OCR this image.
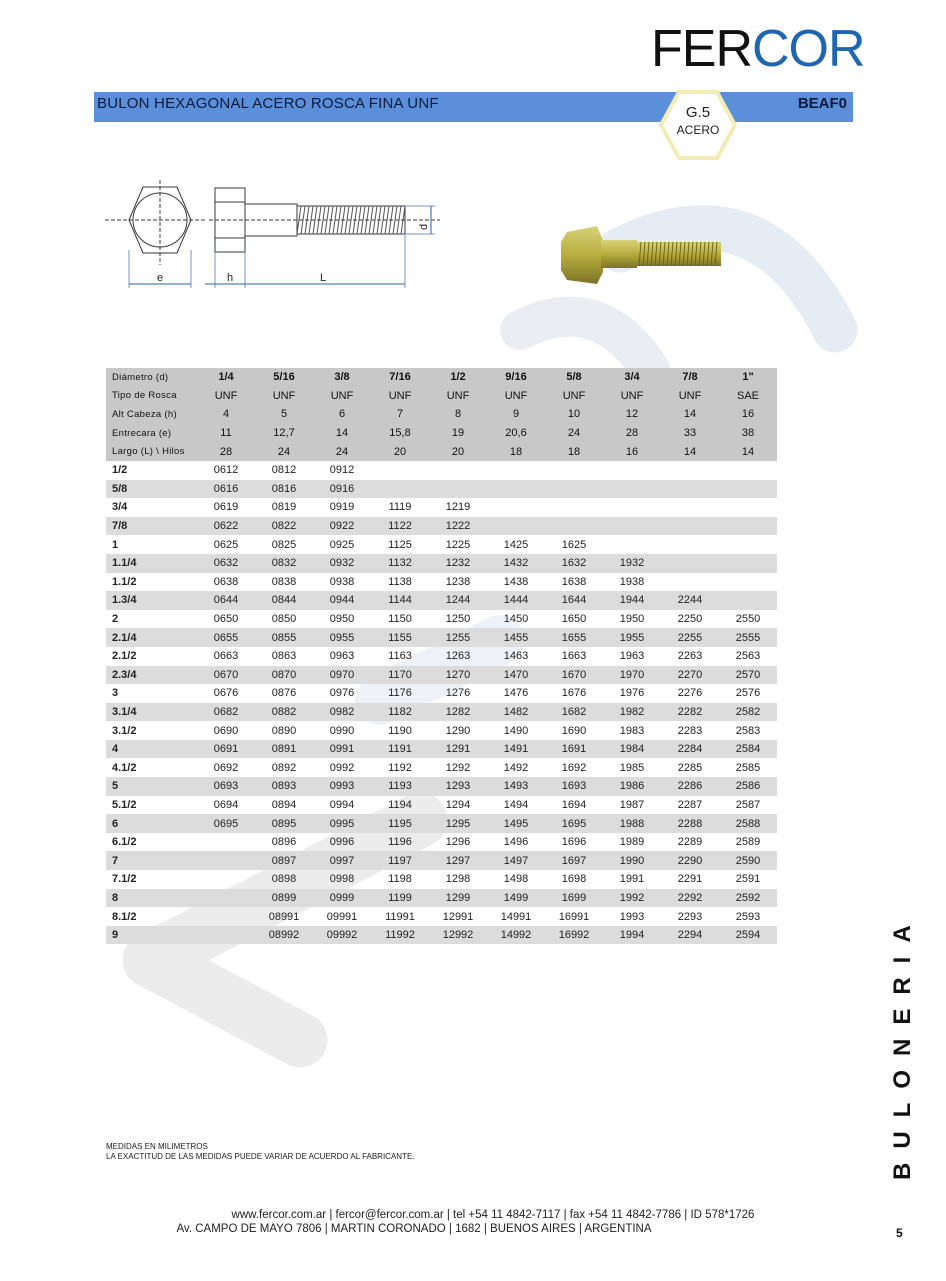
FERCOR
BULON HEXAGONAL ACERO ROSCA FINA UNF	BEAF0
G.5
ACERO
e	h	L
d
Diámetro (d)	1/4	5/16	3/8	7/16	1/2	9/16	5/8	3/4	7/8	1"
Tipo de Rosca	UNF	UNF	UNF	UNF	UNF	UNF	UNF	UNF	UNF	SAE
Alt Cabeza (h)	4	5	6	7	8	9	10	12	14	16
Entrecara (e)	11	12,7	14	15,8	19	20,6	24	28	33	38
Largo (L) \ Hilos	28	24	24	20	20	18	18	16	14	14
1/2	0612	0812	0912							
5/8	0616	0816	0916							
3/4	0619	0819	0919	1119	1219					
7/8	0622	0822	0922	1122	1222					
1	0625	0825	0925	1125	1225	1425	1625			
1.1/4	0632	0832	0932	1132	1232	1432	1632	1932		
1.1/2	0638	0838	0938	1138	1238	1438	1638	1938		
1.3/4	0644	0844	0944	1144	1244	1444	1644	1944	2244	
2	0650	0850	0950	1150	1250	1450	1650	1950	2250	2550
2.1/4	0655	0855	0955	1155	1255	1455	1655	1955	2255	2555
2.1/2	0663	0863	0963	1163	1263	1463	1663	1963	2263	2563
2.3/4	0670	0870	0970	1170	1270	1470	1670	1970	2270	2570
3	0676	0876	0976	1176	1276	1476	1676	1976	2276	2576
3.1/4	0682	0882	0982	1182	1282	1482	1682	1982	2282	2582
3.1/2	0690	0890	0990	1190	1290	1490	1690	1983	2283	2583
4	0691	0891	0991	1191	1291	1491	1691	1984	2284	2584
4.1/2	0692	0892	0992	1192	1292	1492	1692	1985	2285	2585
5	0693	0893	0993	1193	1293	1493	1693	1986	2286	2586
5.1/2	0694	0894	0994	1194	1294	1494	1694	1987	2287	2587
6	0695	0895	0995	1195	1295	1495	1695	1988	2288	2588
6.1/2		0896	0996	1196	1296	1496	1696	1989	2289	2589
7		0897	0997	1197	1297	1497	1697	1990	2290	2590
7.1/2		0898	0998	1198	1298	1498	1698	1991	2291	2591
8		0899	0999	1199	1299	1499	1699	1992	2292	2592
8.1/2		08991	09991	11991	12991	14991	16991	1993	2293	2593
9		08992	09992	11992	12992	14992	16992	1994	2294	2594
MEDIDAS EN MILIMETROS
LA EXACTITUD DE LAS MEDIDAS PUEDE VARIAR DE ACUERDO AL FABRICANTE.
www.fercor.com.ar | fercor@fercor.com.ar | tel +54 11 4842-7117 | fax +54 11 4842-7786 | ID 578*1726
Av. CAMPO DE MAYO 7806 | MARTIN CORONADO | 1682 | BUENOS AIRES | ARGENTINA
BULONERIA
5
